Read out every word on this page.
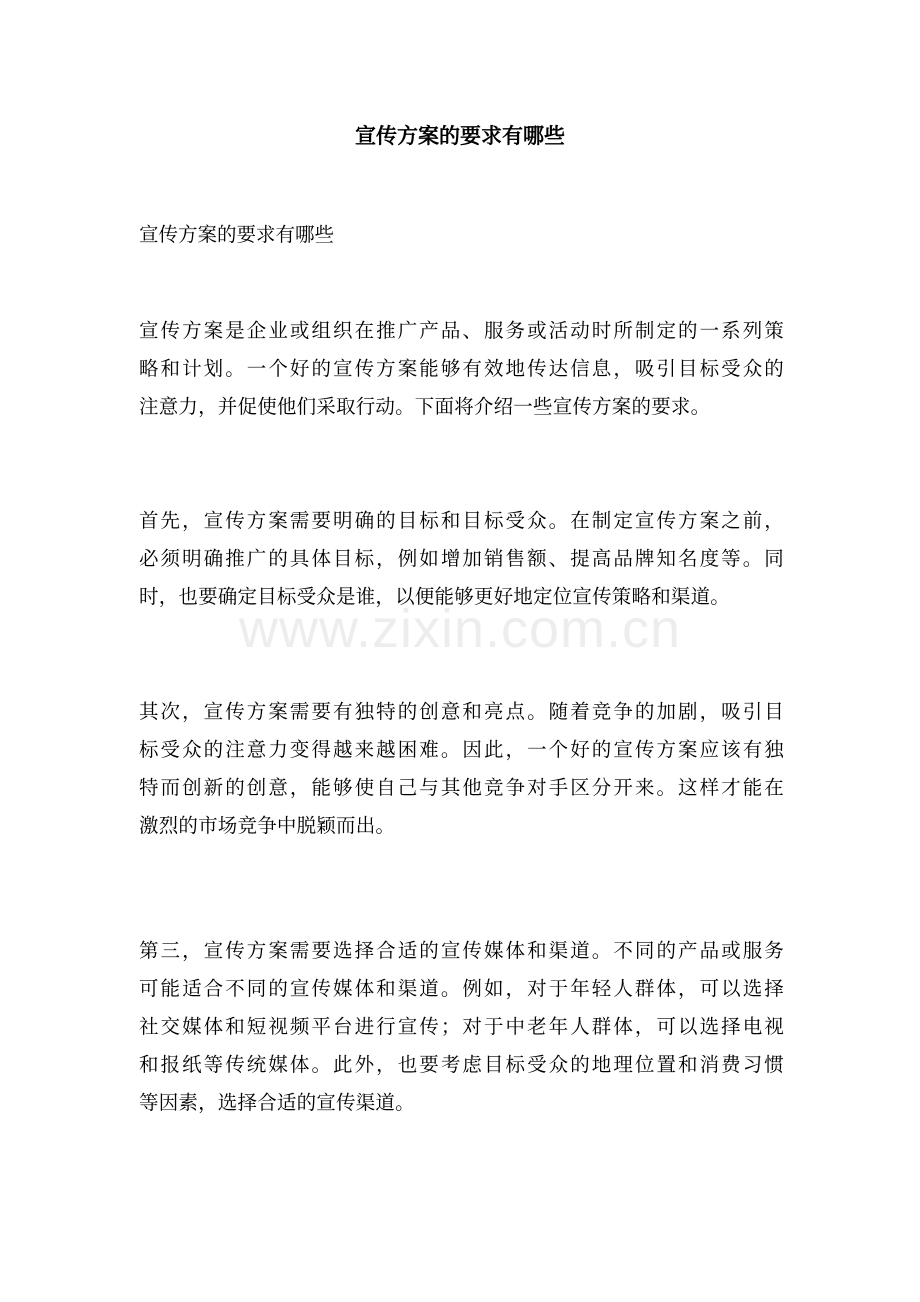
www.zixin.com.cn
宣传方案的要求有哪些

宣传方案的要求有哪些

宣传方案是企业或组织在推广产品、服务或活动时所制定的一系列策
略和计划。一个好的宣传方案能够有效地传达信息，吸引目标受众的
注意力，并促使他们采取行动。下面将介绍一些宣传方案的要求。

首先，宣传方案需要明确的目标和目标受众。在制定宣传方案之前，
必须明确推广的具体目标，例如增加销售额、提高品牌知名度等。同
时，也要确定目标受众是谁，以便能够更好地定位宣传策略和渠道。

其次，宣传方案需要有独特的创意和亮点。随着竞争的加剧，吸引目
标受众的注意力变得越来越困难。因此，一个好的宣传方案应该有独
特而创新的创意，能够使自己与其他竞争对手区分开来。这样才能在
激烈的市场竞争中脱颖而出。

第三，宣传方案需要选择合适的宣传媒体和渠道。不同的产品或服务
可能适合不同的宣传媒体和渠道。例如，对于年轻人群体，可以选择
社交媒体和短视频平台进行宣传；对于中老年人群体，可以选择电视
和报纸等传统媒体。此外，也要考虑目标受众的地理位置和消费习惯
等因素，选择合适的宣传渠道。
